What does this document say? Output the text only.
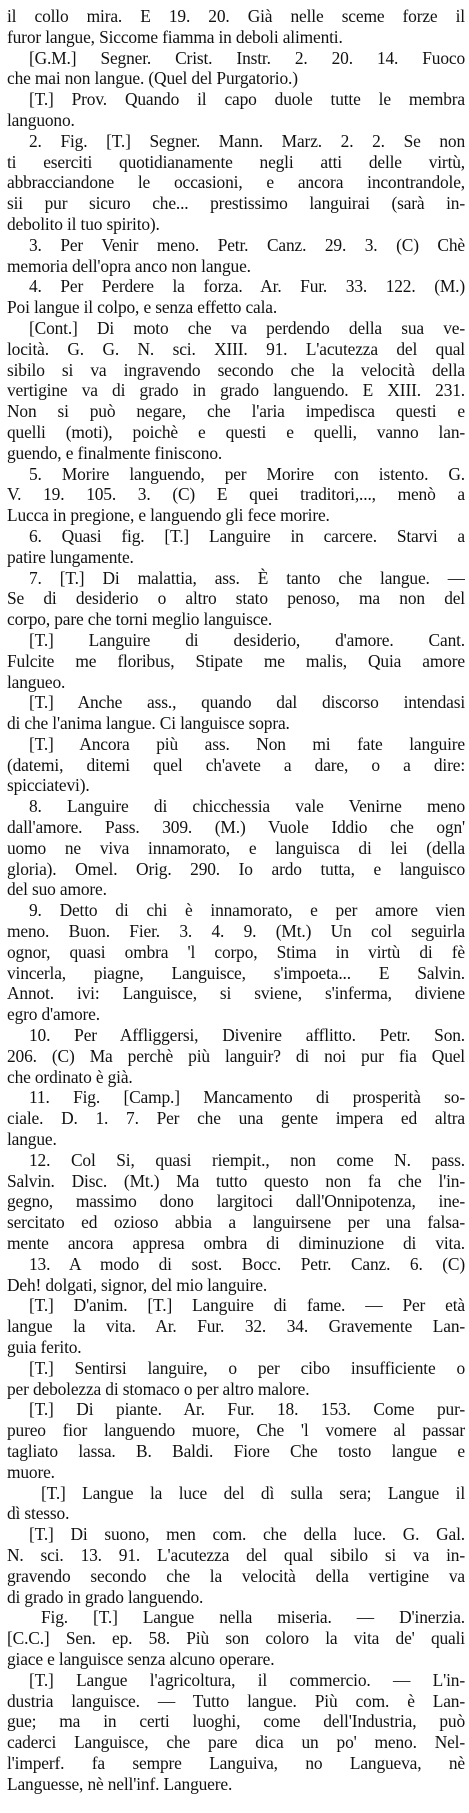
il collo mira. E 19. 20. Già nelle sceme forze il
furor langue, Siccome fiamma in deboli alimenti.
[G.M.] Segner. Crist. Instr. 2. 20. 14. Fuoco
che mai non langue. (Quel del Purgatorio.)
[T.] Prov. Quando il capo duole tutte le membra
languono.
2. Fig. [T.] Segner. Mann. Marz. 2. 2. Se non
ti eserciti quotidianamente negli atti delle virtù,
abbracciandone le occasioni, e ancora incontrandole,
sii pur sicuro che... prestissimo languirai (sarà in-
debolito il tuo spirito).
3. Per Venir meno. Petr. Canz. 29. 3. (C) Chè
memoria dell'opra anco non langue.
4. Per Perdere la forza. Ar. Fur. 33. 122. (M.)
Poi langue il colpo, e senza effetto cala.
[Cont.] Di moto che va perdendo della sua ve-
locità. G. G. N. sci. XIII. 91. L'acutezza del qual
sibilo si va ingravendo secondo che la velocità della
vertigine va di grado in grado languendo. E XIII. 231.
Non si può negare, che l'aria impedisca questi e
quelli (moti), poichè e questi e quelli, vanno lan-
guendo, e finalmente finiscono.
5. Morire languendo, per Morire con istento. G.
V. 19. 105. 3. (C) E quei traditori,..., menò a
Lucca in pregione, e languendo gli fece morire.
6. Quasi fig. [T.] Languire in carcere. Starvi a
patire lungamente.
7. [T.] Di malattia, ass. È tanto che langue. —
Se di desiderio o altro stato penoso, ma non del
corpo, pare che torni meglio languisce.
[T.] Languire di desiderio, d'amore. Cant.
Fulcite me floribus, Stipate me malis, Quia amore
langueo.
[T.] Anche ass., quando dal discorso intendasi
di che l'anima langue. Ci languisce sopra.
[T.] Ancora più ass. Non mi fate languire
(datemi, ditemi quel ch'avete a dare, o a dire:
spicciatevi).
8. Languire di chicchessia vale Venirne meno
dall'amore. Pass. 309. (M.) Vuole Iddio che ogn'
uomo ne viva innamorato, e languisca di lei (della
gloria). Omel. Orig. 290. Io ardo tutta, e languisco
del suo amore.
9. Detto di chi è innamorato, e per amore vien
meno. Buon. Fier. 3. 4. 9. (Mt.) Un col seguirla
ognor, quasi ombra 'l corpo, Stima in virtù di fè
vincerla, piagne, Languisce, s'impoeta... E Salvin.
Annot. ivi: Languisce, si sviene, s'inferma, diviene
egro d'amore.
10. Per Affliggersi, Divenire afflitto. Petr. Son.
206. (C) Ma perchè più languir? di noi pur fia Quel
che ordinato è già.
11. Fig. [Camp.] Mancamento di prosperità so-
ciale. D. 1. 7. Per che una gente impera ed altra
langue.
12. Col Si, quasi riempit., non come N. pass.
Salvin. Disc. (Mt.) Ma tutto questo non fa che l'in-
gegno, massimo dono largitoci dall'Onnipotenza, ine-
sercitato ed ozioso abbia a languirsene per una falsa-
mente ancora appresa ombra di diminuzione di vita.
13. A modo di sost. Bocc. Petr. Canz. 6. (C)
Deh! dolgati, signor, del mio languire.
[T.] D'anim. [T.] Languire di fame. — Per età
langue la vita. Ar. Fur. 32. 34. Gravemente Lan-
guia ferito.
[T.] Sentirsi languire, o per cibo insufficiente o
per debolezza di stomaco o per altro malore.
[T.] Di piante. Ar. Fur. 18. 153. Come pur-
pureo fior languendo muore, Che 'l vomere al passar
tagliato lassa. B. Baldi. Fiore Che tosto langue e
muore.
[T.] Langue la luce del dì sulla sera; Langue il
dì stesso.
[T.] Di suono, men com. che della luce. G. Gal.
N. sci. 13. 91. L'acutezza del qual sibilo si va in-
gravendo secondo che la velocità della vertigine va
di grado in grado languendo.
Fig. [T.] Langue nella miseria. — D'inerzia.
[C.C.] Sen. ep. 58. Più son coloro la vita de' quali
giace e languisce senza alcuno operare.
[T.] Langue l'agricoltura, il commercio. — L'in-
dustria languisce. — Tutto langue. Più com. è Lan-
gue; ma in certi luoghi, come dell'Industria, può
caderci Languisce, che pare dica un po' meno. Nel-
l'imperf. fa sempre Languiva, no Langueva, nè
Languesse, nè nell'inf. Languere.
